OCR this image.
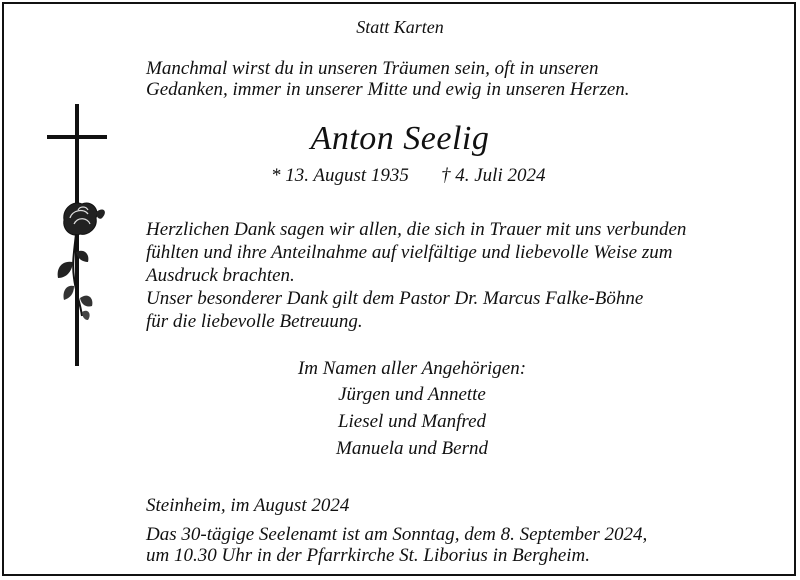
Statt Karten
Manchmal wirst du in unseren Träumen sein, oft in unseren
Gedanken, immer in unserer Mitte und ewig in unseren Herzen.
Anton Seelig
* 13. August 1935 † 4. Juli 2024
Herzlichen Dank sagen wir allen, die sich in Trauer mit uns verbunden
fühlten und ihre Anteilnahme auf vielfältige und liebevolle Weise zum
Ausdruck brachten.
Unser besonderer Dank gilt dem Pastor Dr. Marcus Falke-Böhne
für die liebevolle Betreuung.
Im Namen aller Angehörigen:
Jürgen und Annette
Liesel und Manfred
Manuela und Bernd
Steinheim, im August 2024
Das 30-tägige Seelenamt ist am Sonntag, dem 8. September 2024,
um 10.30 Uhr in der Pfarrkirche St. Liborius in Bergheim.
